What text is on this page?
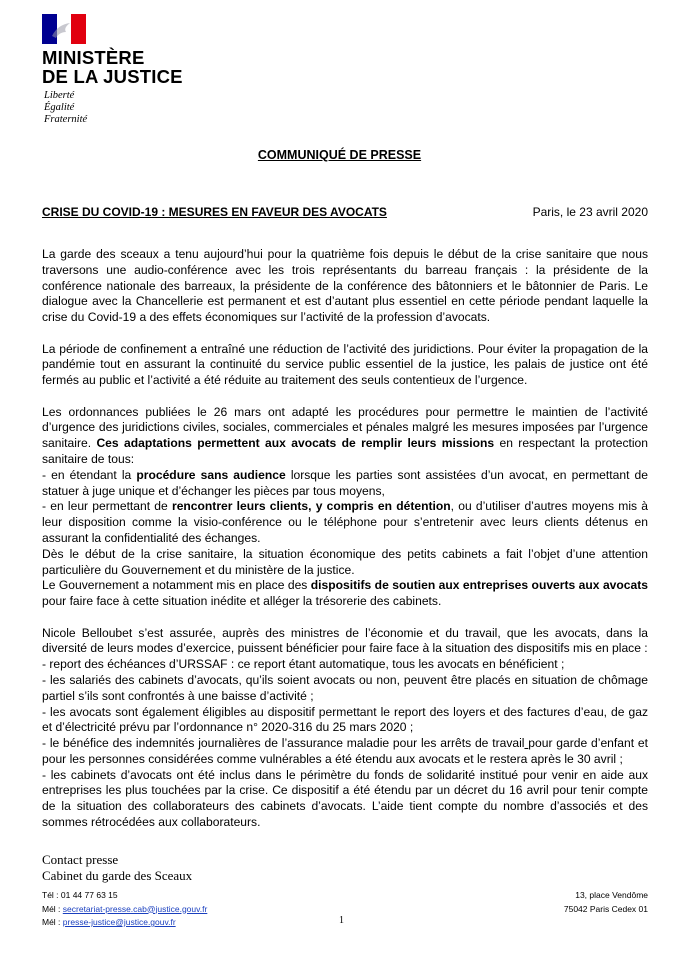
MINISTÈRE
DE LA JUSTICE
Liberté
Égalité
Fraternité
COMMUNIQUÉ DE PRESSE
CRISE DU COVID-19 : MESURES EN FAVEUR DES AVOCATS	Paris, le 23 avril 2020

La garde des sceaux a tenu aujourd’hui pour la quatrième fois depuis le début de la crise sanitaire que nous traversons une audio-conférence avec les trois représentants du barreau français : la présidente de la conférence nationale des barreaux, la présidente de la conférence des bâtonniers et le bâtonnier de Paris. Le dialogue avec la Chancellerie est permanent et est d’autant plus essentiel en cette période pendant laquelle la crise du Covid-19 a des effets économiques sur l’activité de la profession d’avocats.

La période de confinement a entraîné une réduction de l’activité des juridictions. Pour éviter la propagation de la pandémie tout en assurant la continuité du service public essentiel de la justice, les palais de justice ont été fermés au public et l’activité a été réduite au traitement des seuls contentieux de l’urgence.

Les ordonnances publiées le 26 mars ont adapté les procédures pour permettre le maintien de l’activité d’urgence des juridictions civiles, sociales, commerciales et pénales malgré les mesures imposées par l’urgence sanitaire. Ces adaptations permettent aux avocats de remplir leurs missions en respectant la protection sanitaire de tous:

- en étendant la procédure sans audience lorsque les parties sont assistées d’un avocat, en permettant de statuer à juge unique et d’échanger les pièces par tous moyens,

- en leur permettant de rencontrer leurs clients, y compris en détention, ou d’utiliser d’autres moyens mis à leur disposition comme la visio-conférence ou le téléphone pour s’entretenir avec leurs clients détenus en assurant la confidentialité des échanges.

Dès le début de la crise sanitaire, la situation économique des petits cabinets a fait l’objet d’une attention particulière du Gouvernement et du ministère de la justice.

Le Gouvernement a notamment mis en place des dispositifs de soutien aux entreprises ouverts aux avocats pour faire face à cette situation inédite et alléger la trésorerie des cabinets.

Nicole Belloubet s’est assurée, auprès des ministres de l’économie et du travail, que les avocats, dans la diversité de leurs modes d’exercice, puissent bénéficier pour faire face à la situation des dispositifs mis en place :

- report des échéances d’URSSAF : ce report étant automatique, tous les avocats en bénéficient ;

- les salariés des cabinets d’avocats, qu’ils soient avocats ou non, peuvent être placés en situation de chômage partiel s’ils sont confrontés à une baisse d’activité ;

- les avocats sont également éligibles au dispositif permettant le report des loyers et des factures d’eau, de gaz et d’électricité prévu par l’ordonnance n° 2020-316 du 25 mars 2020 ;

- le bénéfice des indemnités journalières de l’assurance maladie pour les arrêts de travail pour garde d’enfant et pour les personnes considérées comme vulnérables a été étendu aux avocats et le restera après le 30 avril ;

- les cabinets d’avocats ont été inclus dans le périmètre du fonds de solidarité institué pour venir en aide aux entreprises les plus touchées par la crise. Ce dispositif a été étendu par un décret du 16 avril pour tenir compte de la situation des collaborateurs des cabinets d’avocats. L’aide tient compte du nombre d’associés et des sommes rétrocédées aux collaborateurs.

Contact presse
Cabinet du garde des Sceaux
Tél : 01 44 77 63 15
Mél : secretariat-presse.cab@justice.gouv.fr
Mél : presse-justice@justice.gouv.fr
13, place Vendôme
75042 Paris Cedex 01
1
